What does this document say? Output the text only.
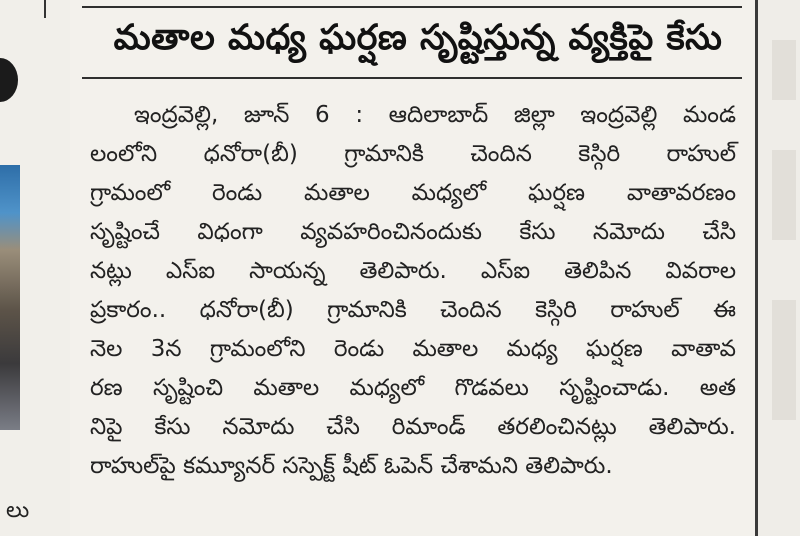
లు
మతాల మధ్య ఘర్షణ సృష్టిస్తున్న వ్యక్తిపై కేసు
ఇంద్రవెల్లి, జూన్ 6 : ఆదిలాబాద్ జిల్లా ఇంద్రవెల్లి మండ
లంలోని ధనోరా(బీ) గ్రామానికి చెందిన కెస్గిరి రాహుల్
గ్రామంలో రెండు మతాల మధ్యలో ఘర్షణ వాతావరణం
సృష్టించే విధంగా వ్యవహరించినందుకు కేసు నమోదు చేసి
నట్లు ఎస్ఐ సాయన్న తెలిపారు. ఎస్ఐ తెలిపిన వివరాల
ప్రకారం.. ధనోరా(బీ) గ్రామానికి చెందిన కెస్గిరి రాహుల్ ఈ
నెల 3న గ్రామంలోని రెండు మతాల మధ్య ఘర్షణ వాతావ
రణ సృష్టించి మతాల మధ్యలో గొడవలు సృష్టించాడు. అత
నిపై కేసు నమోదు చేసి రిమాండ్ తరలించినట్లు తెలిపారు.
రాహుల్‌పై కమ్యూనర్ సస్పెక్ట్ షీట్ ఓపెన్ చేశామని తెలిపారు.
